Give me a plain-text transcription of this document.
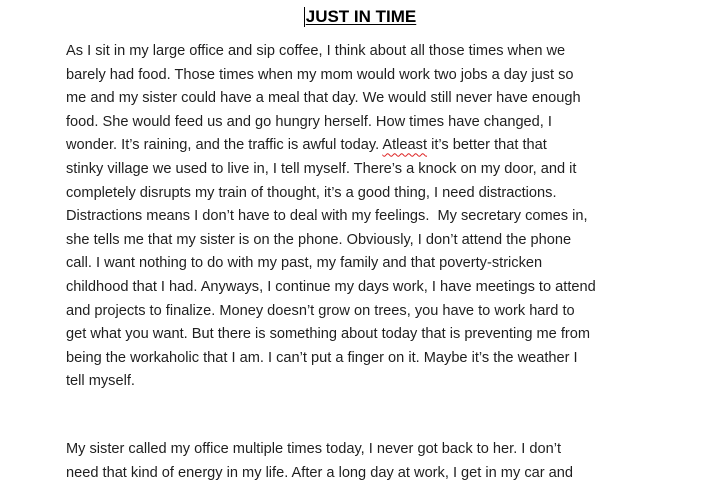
JUST IN TIME
As I sit in my large office and sip coffee, I think about all those times when we
barely had food. Those times when my mom would work two jobs a day just so
me and my sister could have a meal that day. We would still never have enough
food. She would feed us and go hungry herself. How times have changed, I
wonder. It’s raining, and the traffic is awful today. Atleast it’s better that that
stinky village we used to live in, I tell myself. There’s a knock on my door, and it
completely disrupts my train of thought, it’s a good thing, I need distractions.
Distractions means I don’t have to deal with my feelings.  My secretary comes in,
she tells me that my sister is on the phone. Obviously, I don’t attend the phone
call. I want nothing to do with my past, my family and that poverty-stricken
childhood that I had. Anyways, I continue my days work, I have meetings to attend
and projects to finalize. Money doesn’t grow on trees, you have to work hard to
get what you want. But there is something about today that is preventing me from
being the workaholic that I am. I can’t put a finger on it. Maybe it’s the weather I
tell myself.
My sister called my office multiple times today, I never got back to her. I don’t
need that kind of energy in my life. After a long day at work, I get in my car and
